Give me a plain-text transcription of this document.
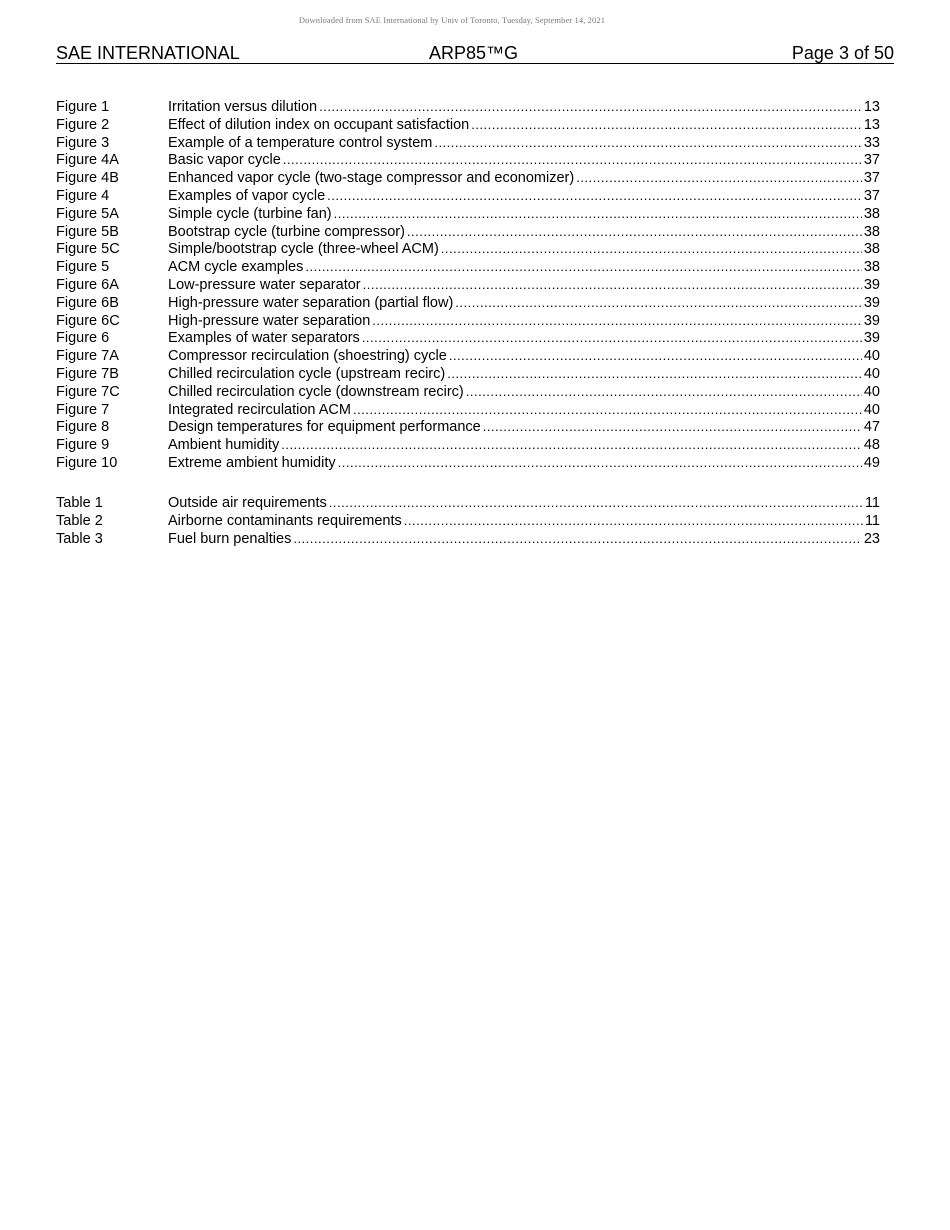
Downloaded from SAE International by Univ of Toronto, Tuesday, September 14, 2021
SAE INTERNATIONAL	ARP85™G	Page 3 of 50
Figure 1	Irritation versus dilution .....	13
Figure 2	Effect of dilution index on occupant satisfaction .....	13
Figure 3	Example of a temperature control system .....	33
Figure 4A	Basic vapor cycle .....	37
Figure 4B	Enhanced vapor cycle (two-stage compressor and economizer) .....	37
Figure 4	Examples of vapor cycle .....	37
Figure 5A	Simple cycle (turbine fan) .....	38
Figure 5B	Bootstrap cycle (turbine compressor) .....	38
Figure 5C	Simple/bootstrap cycle (three-wheel ACM) .....	38
Figure 5	ACM cycle examples .....	38
Figure 6A	Low-pressure water separator .....	39
Figure 6B	High-pressure water separation (partial flow) .....	39
Figure 6C	High-pressure water separation .....	39
Figure 6	Examples of water separators .....	39
Figure 7A	Compressor recirculation (shoestring) cycle .....	40
Figure 7B	Chilled recirculation cycle (upstream recirc) .....	40
Figure 7C	Chilled recirculation cycle (downstream recirc) .....	40
Figure 7	Integrated recirculation ACM .....	40
Figure 8	Design temperatures for equipment performance .....	47
Figure 9	Ambient humidity .....	48
Figure 10	Extreme ambient humidity .....	49
Table 1	Outside air requirements .....	11
Table 2	Airborne contaminants requirements .....	11
Table 3	Fuel burn penalties .....	23
